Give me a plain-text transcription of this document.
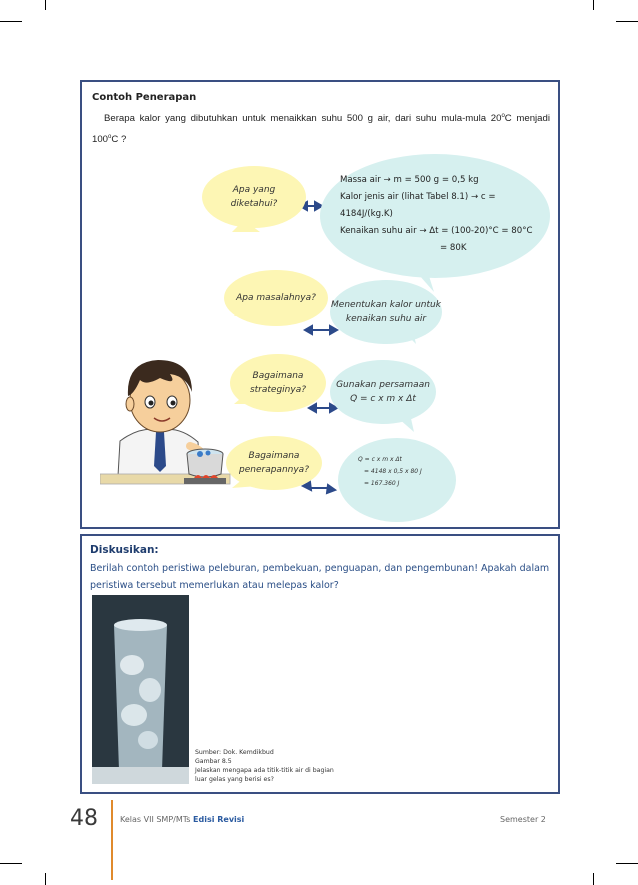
Contoh Penerapan
Berapa kalor yang dibutuhkan untuk menaikkan suhu 500 g air, dari suhu mula-mula 20$^o$C menjadi 100$^o$C ?
Apa yang
diketahui?
Massa air → m = 500 g = 0,5 kg
Kalor jenis air (lihat Tabel 8.1) → c = 4184J/(kg.K)
Kenaikan suhu air → Δt = (100-20)°C = 80°C
= 80K
Apa masalahnya?
Menentukan kalor untuk
kenaikan suhu air
Bagaimana
strateginya?	Gunakan persamaan
Q = c x m x Δt
Bagaimana
penerapannya?
Q = c x m x Δt
= 4148 x 0,5 x 80 J
= 167.360 J
Diskusikan:
Berilah contoh peristiwa peleburan, pembekuan, penguapan, dan pengembunan! Apakah dalam peristiwa tersebut memerlukan atau melepas kalor?
Sumber: Dok. Kemdikbud
Gambar 8.5
Jelaskan mengapa ada titik-titik air di bagian
luar gelas yang berisi es?
48	Kelas VII SMP/MTs Edisi Revisi	Semester 2
